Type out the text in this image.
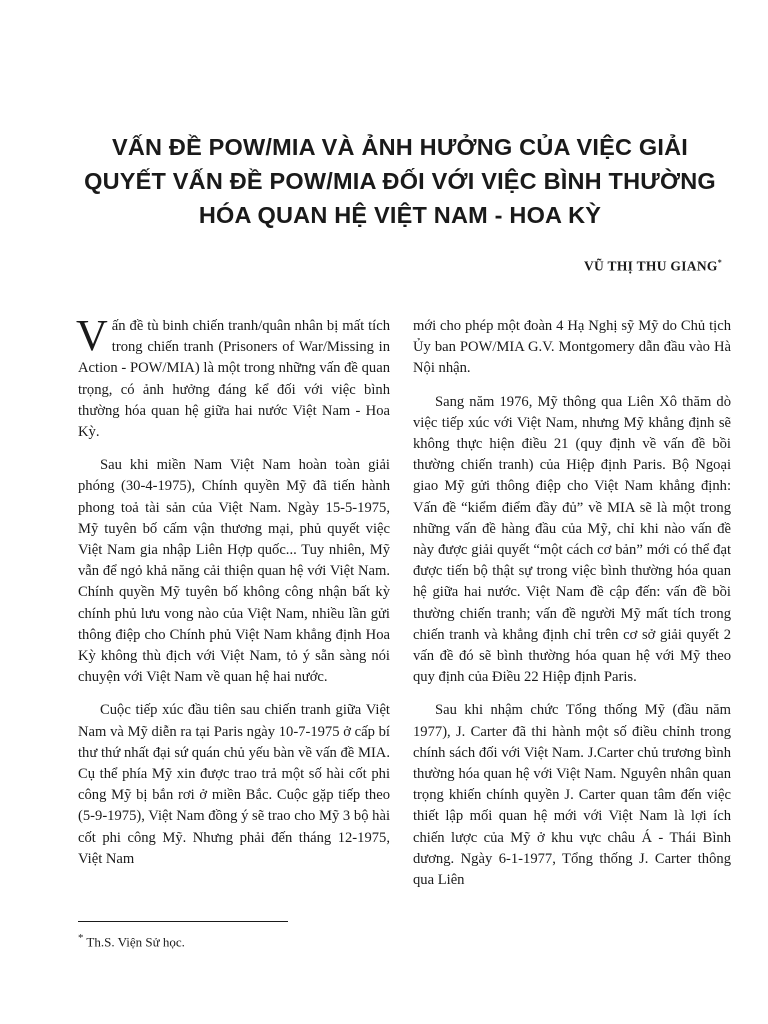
VẤN ĐỀ POW/MIA VÀ ẢNH HƯỞNG CỦA VIỆC GIẢI
QUYẾT VẤN ĐỀ POW/MIA ĐỐI VỚI VIỆC BÌNH THƯỜNG
HÓA QUAN HỆ VIỆT NAM - HOA KỲ
VŨ THỊ THU GIANG*

Vấn đề tù binh chiến tranh/quân nhân bị mất tích trong chiến tranh (Prisoners of War/Missing in Action - POW/MIA) là một trong những vấn đề quan trọng, có ảnh hưởng đáng kể đối với việc bình thường hóa quan hệ giữa hai nước Việt Nam - Hoa Kỳ.

Sau khi miền Nam Việt Nam hoàn toàn giải phóng (30-4-1975), Chính quyền Mỹ đã tiến hành phong toả tài sản của Việt Nam. Ngày 15-5-1975, Mỹ tuyên bố cấm vận thương mại, phủ quyết việc Việt Nam gia nhập Liên Hợp quốc... Tuy nhiên, Mỹ vẫn để ngỏ khả năng cải thiện quan hệ với Việt Nam. Chính quyền Mỹ tuyên bố không công nhận bất kỳ chính phủ lưu vong nào của Việt Nam, nhiều lần gửi thông điệp cho Chính phủ Việt Nam khẳng định Hoa Kỳ không thù địch với Việt Nam, tỏ ý sẵn sàng nói chuyện với Việt Nam về quan hệ hai nước.

Cuộc tiếp xúc đầu tiên sau chiến tranh giữa Việt Nam và Mỹ diễn ra tại Paris ngày 10-7-1975 ở cấp bí thư thứ nhất đại sứ quán chủ yếu bàn về vấn đề MIA. Cụ thể phía Mỹ xin được trao trả một số hài cốt phi công Mỹ bị bắn rơi ở miền Bắc. Cuộc gặp tiếp theo (5-9-1975), Việt Nam đồng ý sẽ trao cho Mỹ 3 bộ hài cốt phi công Mỹ. Nhưng phải đến tháng 12-1975, Việt Nam

mới cho phép một đoàn 4 Hạ Nghị sỹ Mỹ do Chủ tịch Ủy ban POW/MIA G.V. Montgomery dẫn đầu vào Hà Nội nhận.

Sang năm 1976, Mỹ thông qua Liên Xô thăm dò việc tiếp xúc với Việt Nam, nhưng Mỹ khẳng định sẽ không thực hiện điều 21 (quy định về vấn đề bồi thường chiến tranh) của Hiệp định Paris. Bộ Ngoại giao Mỹ gửi thông điệp cho Việt Nam khẳng định: Vấn đề “kiểm điểm đầy đủ” về MIA sẽ là một trong những vấn đề hàng đầu của Mỹ, chỉ khi nào vấn đề này được giải quyết “một cách cơ bản” mới có thể đạt được tiến bộ thật sự trong việc bình thường hóa quan hệ giữa hai nước. Việt Nam đề cập đến: vấn đề bồi thường chiến tranh; vấn đề người Mỹ mất tích trong chiến tranh và khẳng định chỉ trên cơ sở giải quyết 2 vấn đề đó sẽ bình thường hóa quan hệ với Mỹ theo quy định của Điều 22 Hiệp định Paris.

Sau khi nhậm chức Tổng thống Mỹ (đầu năm 1977), J. Carter đã thi hành một số điều chỉnh trong chính sách đối với Việt Nam. J.Carter chủ trương bình thường hóa quan hệ với Việt Nam. Nguyên nhân quan trọng khiến chính quyền J. Carter quan tâm đến việc thiết lập mối quan hệ mới với Việt Nam là lợi ích chiến lược của Mỹ ở khu vực châu Á - Thái Bình dương. Ngày 6-1-1977, Tổng thống J. Carter thông qua Liên

* Th.S. Viện Sử học.
